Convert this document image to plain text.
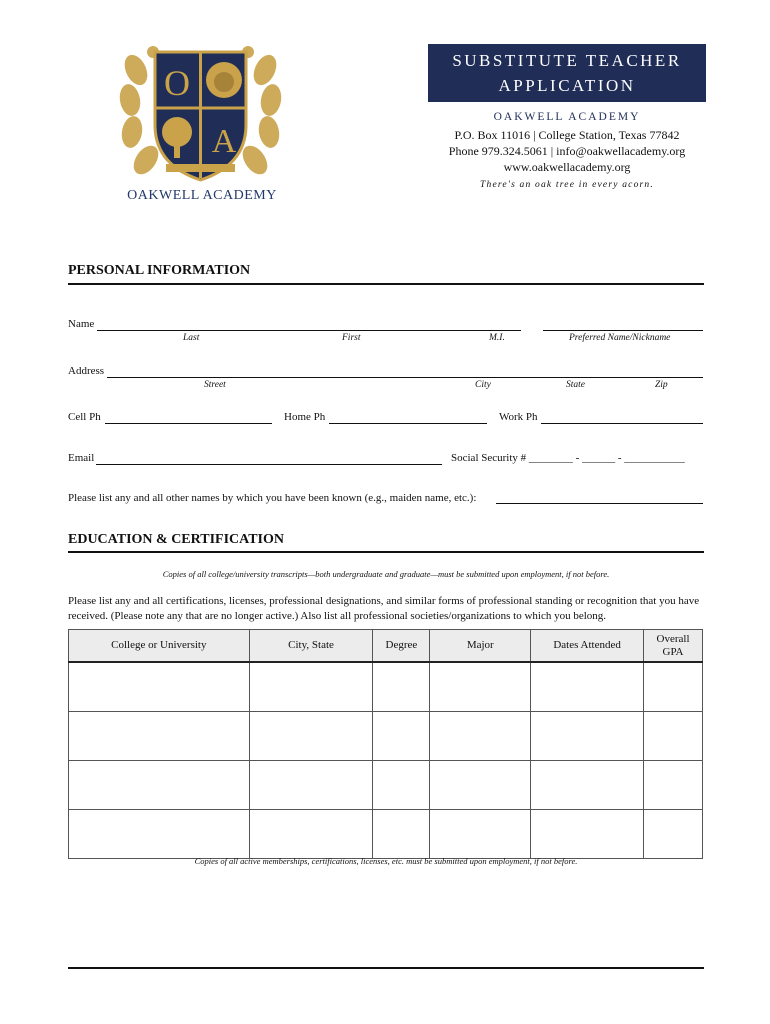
O
A
OAKWELL ACADEMY
SUBSTITUTE TEACHER
APPLICATION
OAKWELL ACADEMY
P.O. Box 11016 | College Station, Texas 77842
Phone 979.324.5061 | info@oakwellacademy.org
www.oakwellacademy.org
There's an oak tree in every acorn.
PERSONAL INFORMATION
Name
Last	First	M.I.	Preferred Name/Nickname
Address
Street	City	State	Zip
Cell Ph	Home Ph	Work Ph
Email	Social Security # ________ - ______ - ___________
Please list any and all other names by which you have been known (e.g., maiden name, etc.):
EDUCATION & CERTIFICATION
Copies of all college/university transcripts—both undergraduate and graduate—must be submitted upon employment, if not before.
Please list any and all certifications, licenses, professional designations, and similar forms of professional standing or recognition that you have received. (Please note any that are no longer active.) Also list all professional societies/organizations to which you belong.
College or University	City, State	Degree	Major	Dates Attended	Overall GPA

Copies of all active memberships, certifications, licenses, etc. must be submitted upon employment, if not before.
